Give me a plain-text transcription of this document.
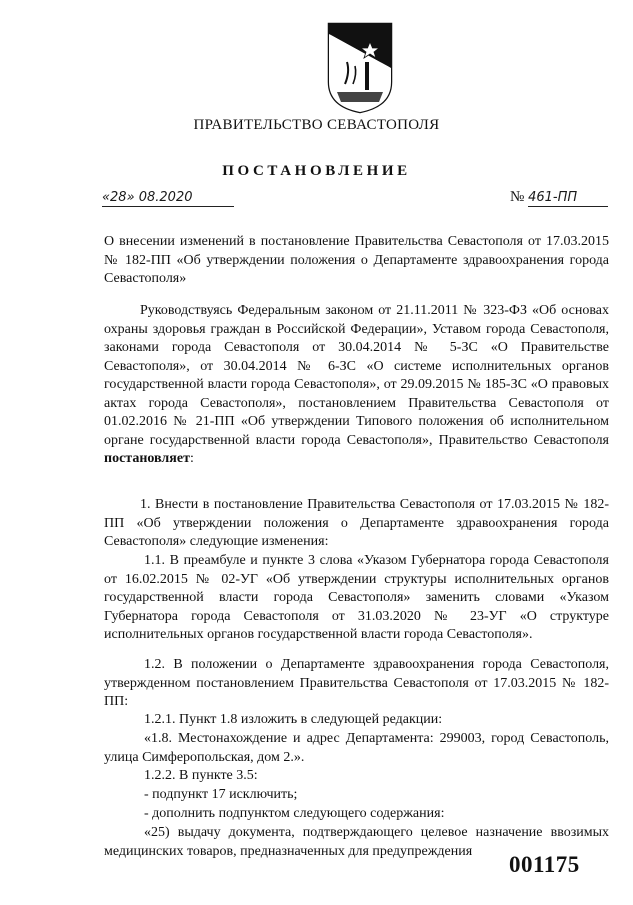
ПРАВИТЕЛЬСТВО СЕВАСТОПОЛЯ
ПОСТАНОВЛЕНИЕ
«28» 08.2020	№ 461-ПП

О внесении изменений в постановление Правительства Севастополя от 17.03.2015 № 182-ПП «Об утверждении положения о Департаменте здравоохранения города Севастополя»

Руководствуясь Федеральным законом от 21.11.2011 № 323-ФЗ «Об основах охраны здоровья граждан в Российской Федерации», Уставом города Севастополя, законами города Севастополя от 30.04.2014 № 5-ЗС «О Правительстве Севастополя», от 30.04.2014 № 6-ЗС «О системе исполнительных органов государственной власти города Севастополя», от 29.09.2015 № 185-ЗС «О правовых актах города Севастополя», постановлением Правительства Севастополя от 01.02.2016 № 21-ПП «Об утверждении Типового положения об исполнительном органе государственной власти города Севастополя», Правительство Севастополя постановляет:

1. Внести в постановление Правительства Севастополя от 17.03.2015 № 182-ПП «Об утверждении положения о Департаменте здравоохранения города Севастополя» следующие изменения:

1.1. В преамбуле и пункте 3 слова «Указом Губернатора города Севастополя от 16.02.2015 № 02-УГ «Об утверждении структуры исполнительных органов государственной власти города Севастополя» заменить словами «Указом Губернатора города Севастополя от 31.03.2020 № 23-УГ «О структуре исполнительных органов государственной власти города Севастополя».

1.2. В положении о Департаменте здравоохранения города Севастополя, утвержденном постановлением Правительства Севастополя от 17.03.2015 № 182-ПП:

1.2.1. Пункт 1.8 изложить в следующей редакции:

«1.8. Местонахождение и адрес Департамента: 299003, город Севастополь, улица Симферопольская, дом 2.».

1.2.2. В пункте 3.5:

- подпункт 17 исключить;

- дополнить подпунктом следующего содержания:

«25) выдачу документа, подтверждающего целевое назначение ввозимых медицинских товаров, предназначенных для предупреждения

001175
